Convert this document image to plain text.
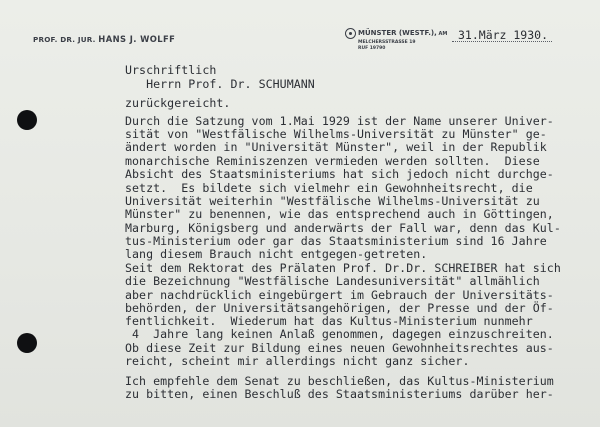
PROF. DR. JUR. HANS J. WOLFF
MÜNSTER (WESTF.), AM
MELCHERSSTRASSE 19
RUF 19790
31.März 1930.

Urschriftlich

Herrn Prof. Dr. SCHUMANN

zurückgereicht.

Durch die Satzung vom 1.Mai 1929 ist der Name unserer Univer-

sität von "Westfälische Wilhelms-Universität zu Münster" ge-

ändert worden in "Universität Münster", weil in der Republik

monarchische Reminiszenzen vermieden werden sollten.  Diese

Absicht des Staatsministeriums hat sich jedoch nicht durchge-

setzt.  Es bildete sich vielmehr ein Gewohnheitsrecht, die

Universität weiterhin "Westfälische Wilhelms-Universität zu

Münster" zu benennen, wie das entsprechend auch in Göttingen,

Marburg, Königsberg und anderwärts der Fall war, denn das Kul-

tus-Ministerium oder gar das Staatsministerium sind 16 Jahre

lang diesem Brauch nicht entgegen-getreten.

Seit dem Rektorat des Prälaten Prof. Dr.Dr. SCHREIBER hat sich

die Bezeichnung "Westfälische Landesuniversität" allmählich

aber nachdrücklich eingebürgert im Gebrauch der Universitäts-

behörden, der Universitätsangehörigen, der Presse und der Öf-

fentlichkeit.  Wiederum hat das Kultus-Ministerium nunmehr

4  Jahre lang keinen Anlaß genommen, dagegen einzuschreiten.

Ob diese Zeit zur Bildung eines neuen Gewohnheitsrechtes aus-

reicht, scheint mir allerdings nicht ganz sicher.

Ich empfehle dem Senat zu beschließen, das Kultus-Ministerium

zu bitten, einen Beschluß des Staatsministeriums darüber her-
